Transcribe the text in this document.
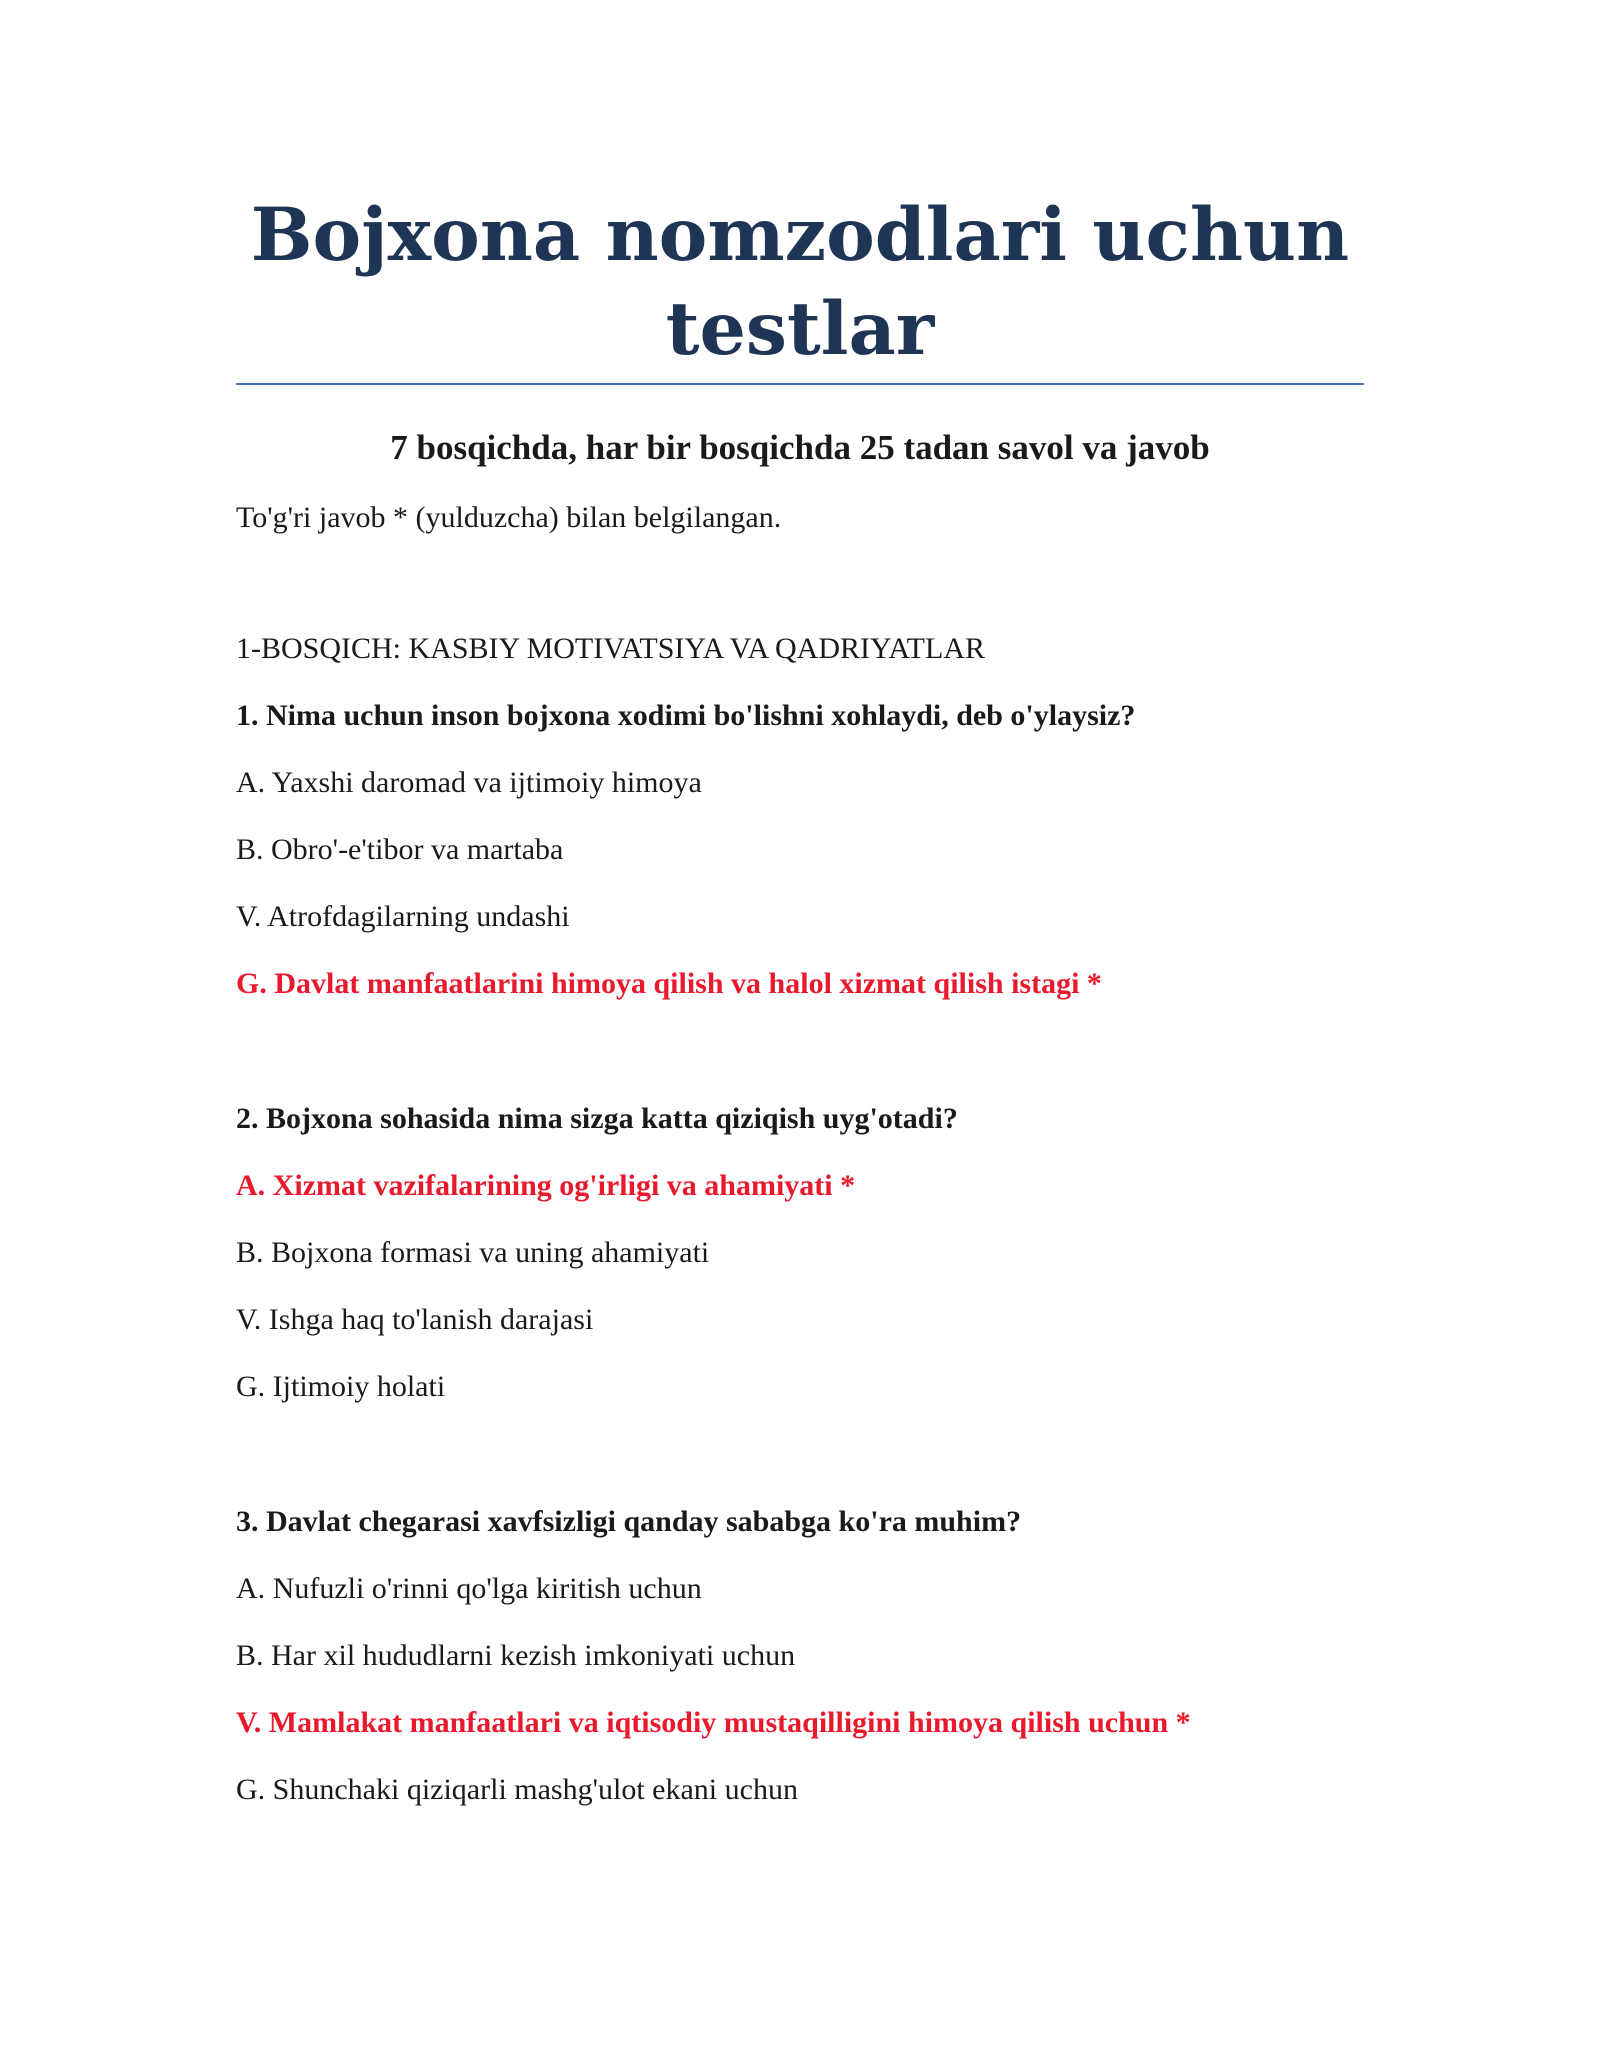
Bojxona nomzodlari uchun testlar
7 bosqichda, har bir bosqichda 25 tadan savol va javob

To'g'ri javob * (yulduzcha) bilan belgilangan.

1-BOSQICH: KASBIY MOTIVATSIYA VA QADRIYATLAR

1. Nima uchun inson bojxona xodimi bo'lishni xohlaydi, deb o'ylaysiz?

A. Yaxshi daromad va ijtimoiy himoya

B. Obro'-e'tibor va martaba

V. Atrofdagilarning undashi

G. Davlat manfaatlarini himoya qilish va halol xizmat qilish istagi *

2. Bojxona sohasida nima sizga katta qiziqish uyg'otadi?

A. Xizmat vazifalarining og'irligi va ahamiyati *

B. Bojxona formasi va uning ahamiyati

V. Ishga haq to'lanish darajasi

G. Ijtimoiy holati

3. Davlat chegarasi xavfsizligi qanday sababga ko'ra muhim?

A. Nufuzli o'rinni qo'lga kiritish uchun

B. Har xil hududlarni kezish imkoniyati uchun

V. Mamlakat manfaatlari va iqtisodiy mustaqilligini himoya qilish uchun *

G. Shunchaki qiziqarli mashg'ulot ekani uchun
